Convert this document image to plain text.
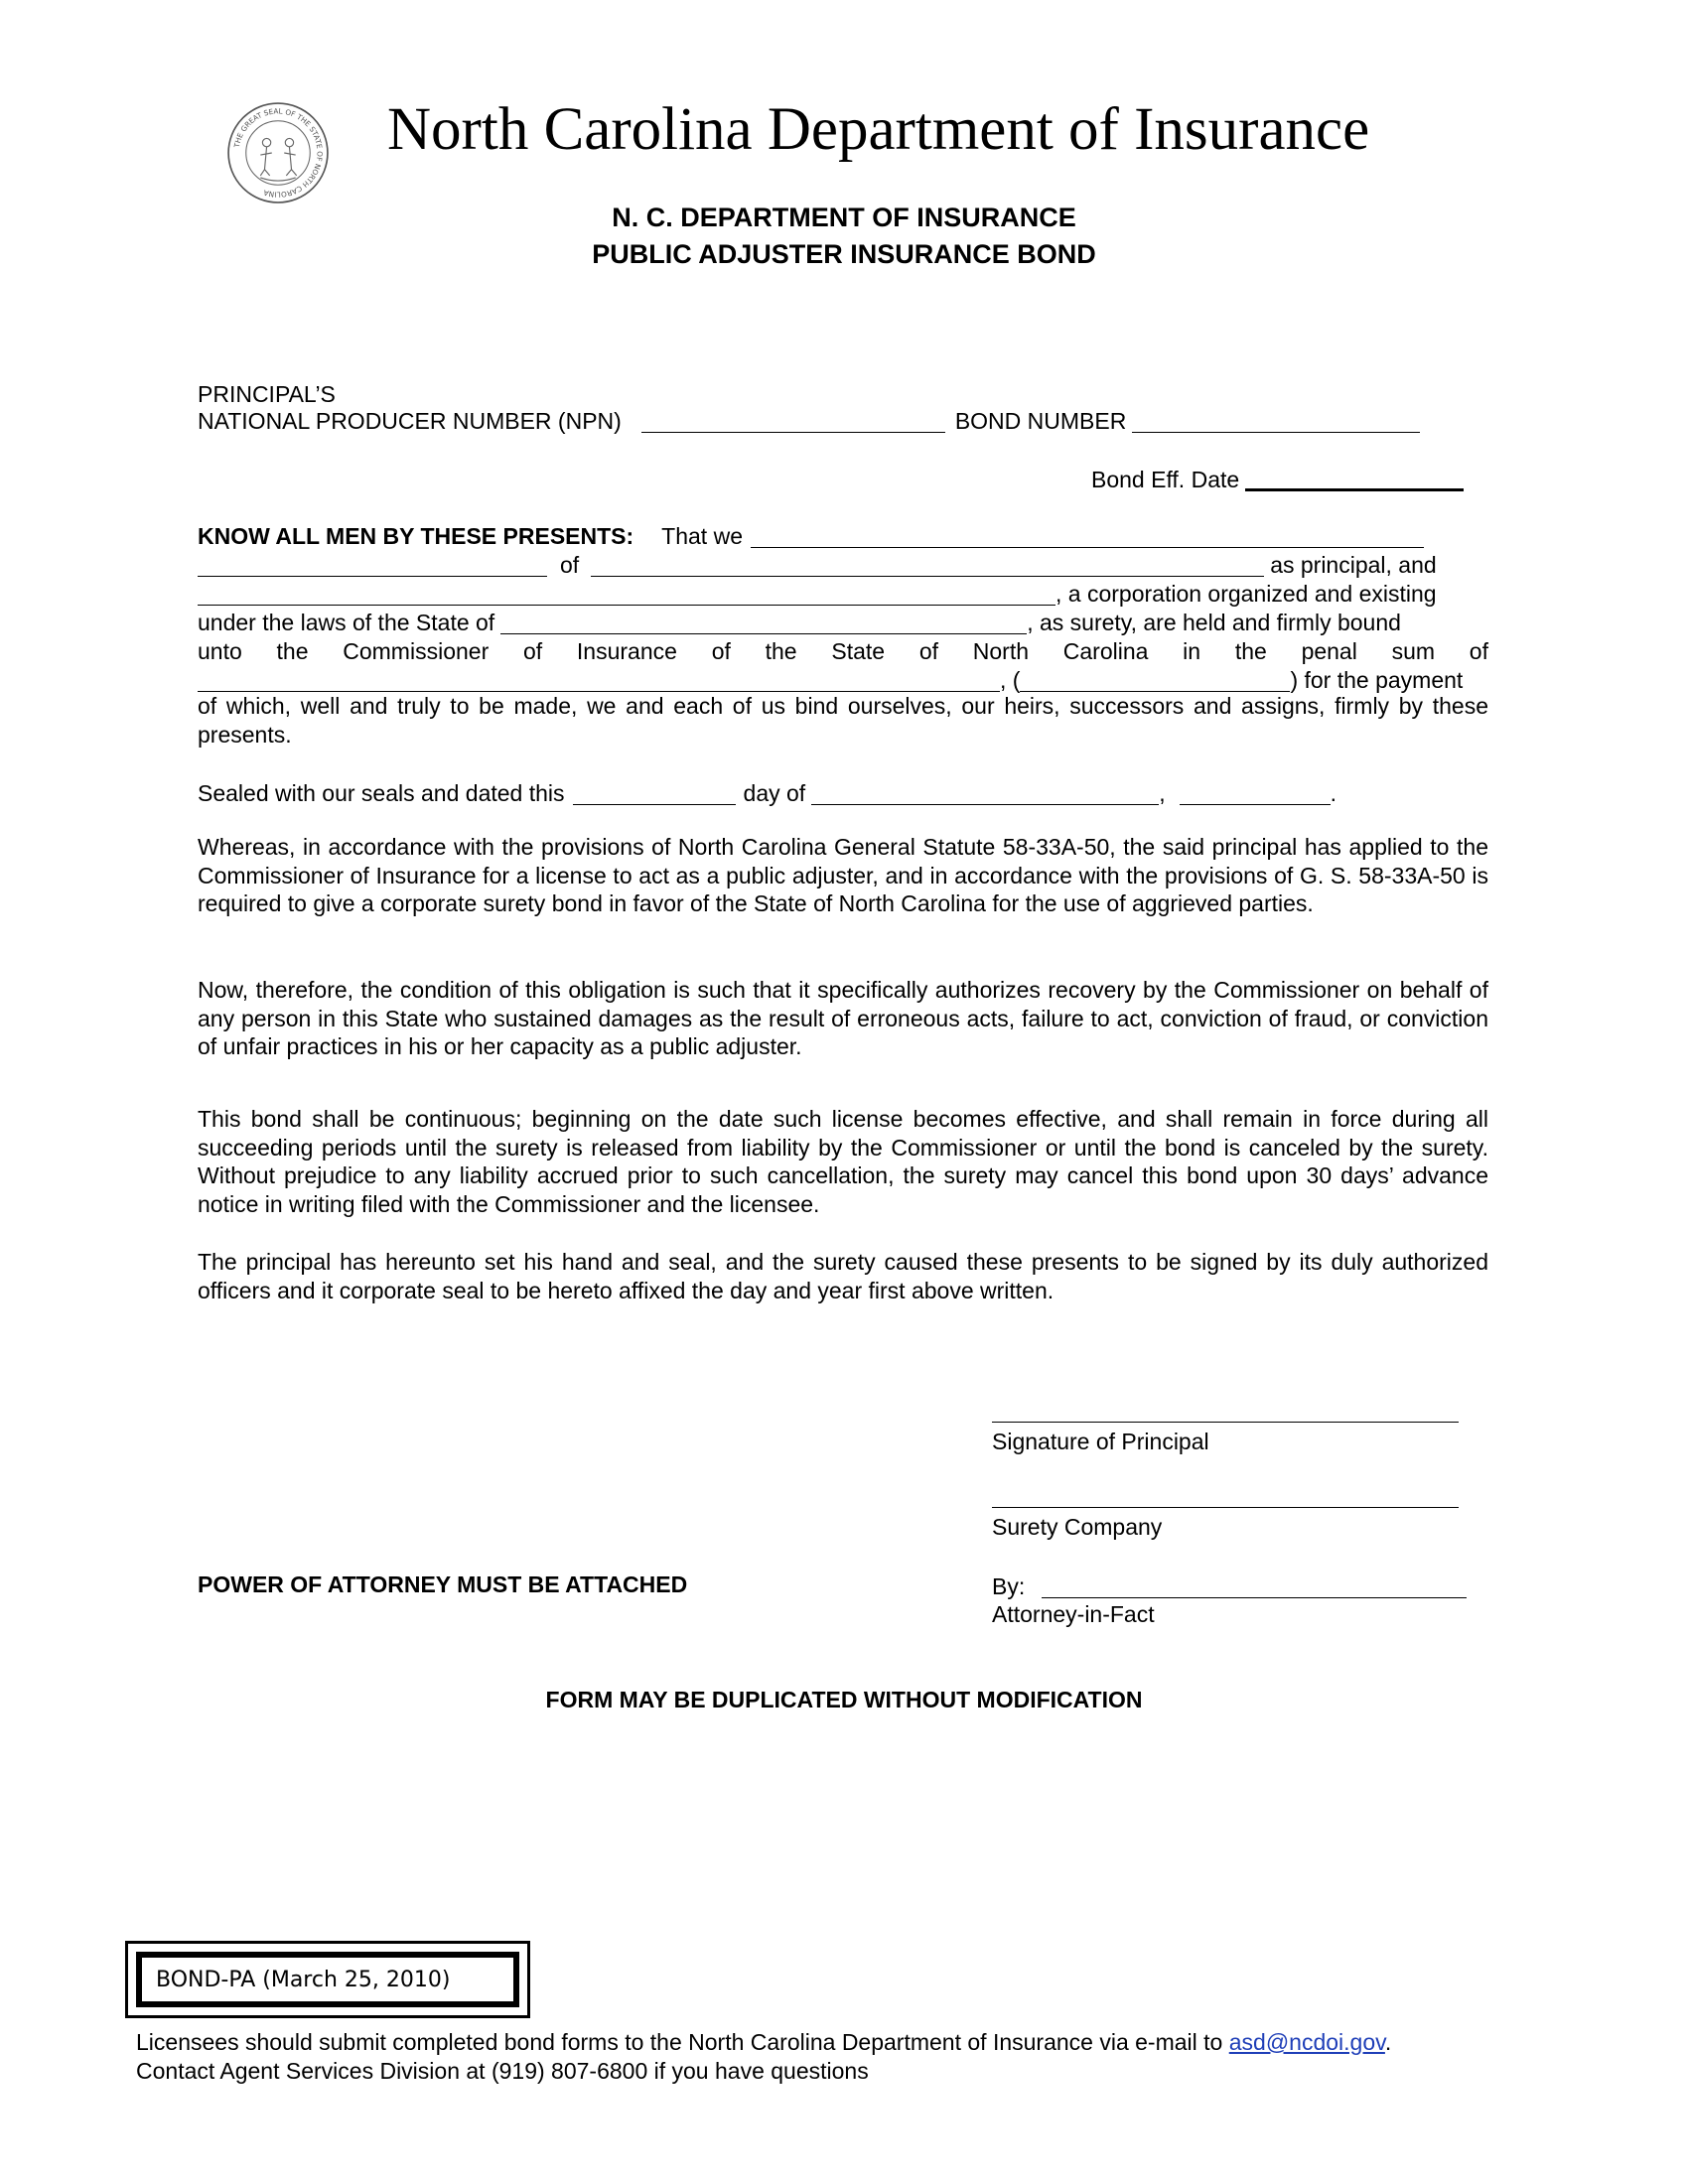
THE GREAT SEAL OF THE STATE OF NORTH CAROLINA
North Carolina Department of Insurance
N. C. DEPARTMENT OF INSURANCE
PUBLIC ADJUSTER INSURANCE BOND
PRINCIPAL’S
NATIONAL PRODUCER NUMBER (NPN)	BOND NUMBER
Bond Eff. Date
KNOW ALL MEN BY THESE PRESENTS: That we
of	as principal, and
, a corporation organized and existing
under the laws of the State of	, as surety, are held and firmly bound
unto the Commissioner of Insurance of the State of North Carolina in the penal sum of
, (	) for the payment
of which, well and truly to be made, we and each of us bind ourselves, our heirs, successors and assigns, firmly by these presents.
Sealed with our seals and dated this	day of	,	.
Whereas, in accordance with the provisions of North Carolina General Statute 58-33A-50, the said principal has applied to the Commissioner of Insurance for a license to act as a public adjuster, and in accordance with the provisions of G. S. 58-33A-50 is required to give a corporate surety bond in favor of the State of North Carolina for the use of aggrieved parties.
Now, therefore, the condition of this obligation is such that it specifically authorizes recovery by the Commissioner on behalf of any person in this State who sustained damages as the result of erroneous acts, failure to act, conviction of fraud, or conviction of unfair practices in his or her capacity as a public adjuster.
This bond shall be continuous; beginning on the date such license becomes effective, and shall remain in force during all succeeding periods until the surety is released from liability by the Commissioner or until the bond is canceled by the surety. Without prejudice to any liability accrued prior to such cancellation, the surety may cancel this bond upon 30 days’ advance notice in writing filed with the Commissioner and the licensee.
The principal has hereunto set his hand and seal, and the surety caused these presents to be signed by its duly authorized officers and it corporate seal to be hereto affixed the day and year first above written.
Signature of Principal
Surety Company
POWER OF ATTORNEY MUST BE ATTACHED	By:
Attorney-in-Fact
FORM MAY BE DUPLICATED WITHOUT MODIFICATION
BOND-PA (March 25, 2010)
Licensees should submit completed bond forms to the North Carolina Department of Insurance via e-mail to asd@ncdoi.gov.
Contact Agent Services Division at (919) 807-6800 if you have questions
